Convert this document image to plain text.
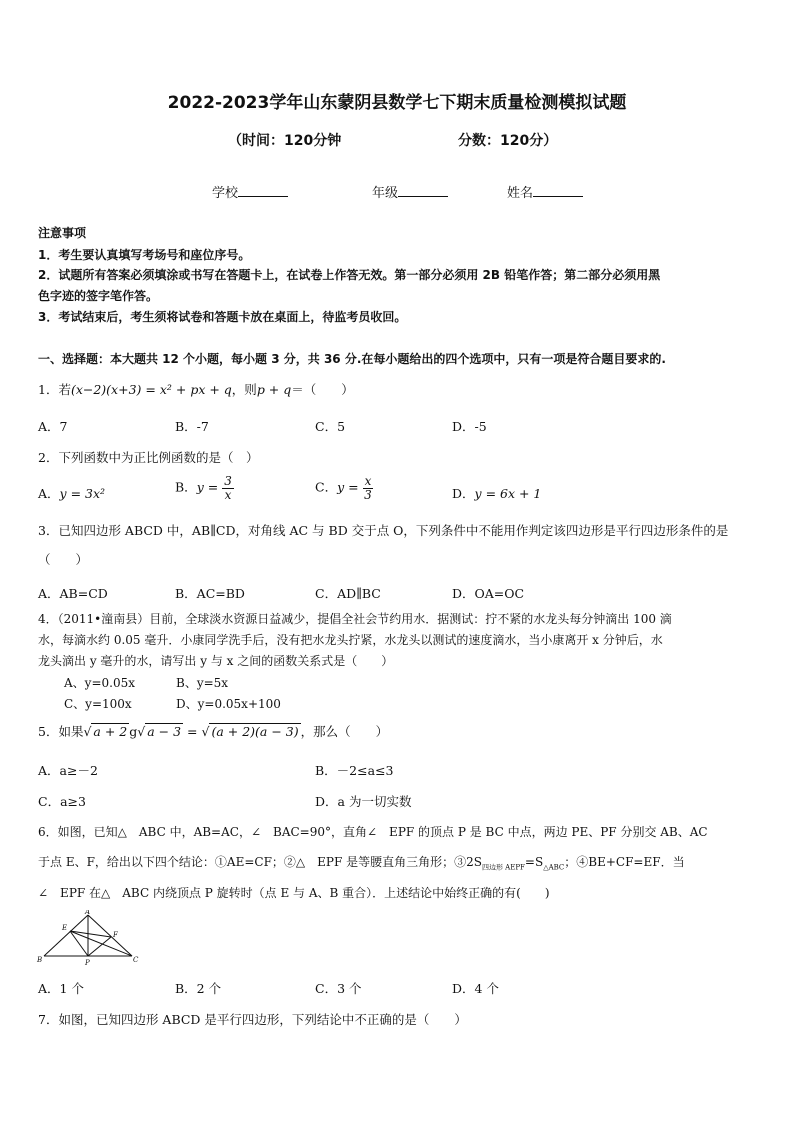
2022-2023学年山东蒙阴县数学七下期末质量检测模拟试题
（时间：120分钟	分数：120分）
学校	年级	姓名
注意事项
1．考生要认真填写考场号和座位序号。
2．试题所有答案必须填涂或书写在答题卡上，在试卷上作答无效。第一部分必须用 2B 铅笔作答；第二部分必须用黑
色字迹的签字笔作答。
3．考试结束后，考生须将试卷和答题卡放在桌面上，待监考员收回。
一、选择题：本大题共 12 个小题，每小题 3 分，共 36 分.在每小题给出的四个选项中，只有一项是符合题目要求的.
1．若(x−2)(x+3) = x² + px + q，则p + q＝（　　）
A．7	B．-7	C．5	D．-5
2．下列函数中为正比例函数的是（　）
A．y = 3x²	B．$y = \frac{3}{x}$	C．$y = \frac{x}{3}$	D．y = 6x + 1
3．已知四边形 ABCD 中，AB∥CD，对角线 AC 与 BD 交于点 O，下列条件中不能用作判定该四边形是平行四边形条件的是
（　　）
A．AB=CD	B．AC=BD	C．AD∥BC	D．OA=OC
4．（2011•潼南县）目前，全球淡水资源日益减少，提倡全社会节约用水．据测试：拧不紧的水龙头每分钟滴出 100 滴
水，每滴水约 0.05 毫升．小康同学洗手后，没有把水龙头拧紧，水龙头以测试的速度滴水，当小康离开 x 分钟后，水
龙头滴出 y 毫升的水，请写出 y 与 x 之间的函数关系式是（　　）
A、y=0.05x	B、y=5x
C、y=100x	D、y=0.05x+100
5．如果√ a + 2 g√ a − 3 = √ (a + 2)(a − 3) ，那么（　　）
A．a≥－2	B．－2≤a≤3
C．a≥3	D．a 为一切实数
6．如图，已知△　ABC 中，AB=AC，∠　BAC=90°，直角∠　EPF 的顶点 P 是 BC 中点，两边 PE、PF 分别交 AB、AC
于点 E、F，给出以下四个结论：①AE=CF；②△　EPF 是等腰直角三角形；$③2S_{四边形 AEPF}=S_{\triangle ABC}$；④BE+CF=EF．当
∠　EPF 在△　ABC 内绕顶点 P 旋转时（点 E 与 A、B 重合）．上述结论中始终正确的有(　　)
A
B	C
E
F
P
A．1 个	B．2 个	C．3 个	D．4 个
7．如图，已知四边形 ABCD 是平行四边形，下列结论中不正确的是（　　）
